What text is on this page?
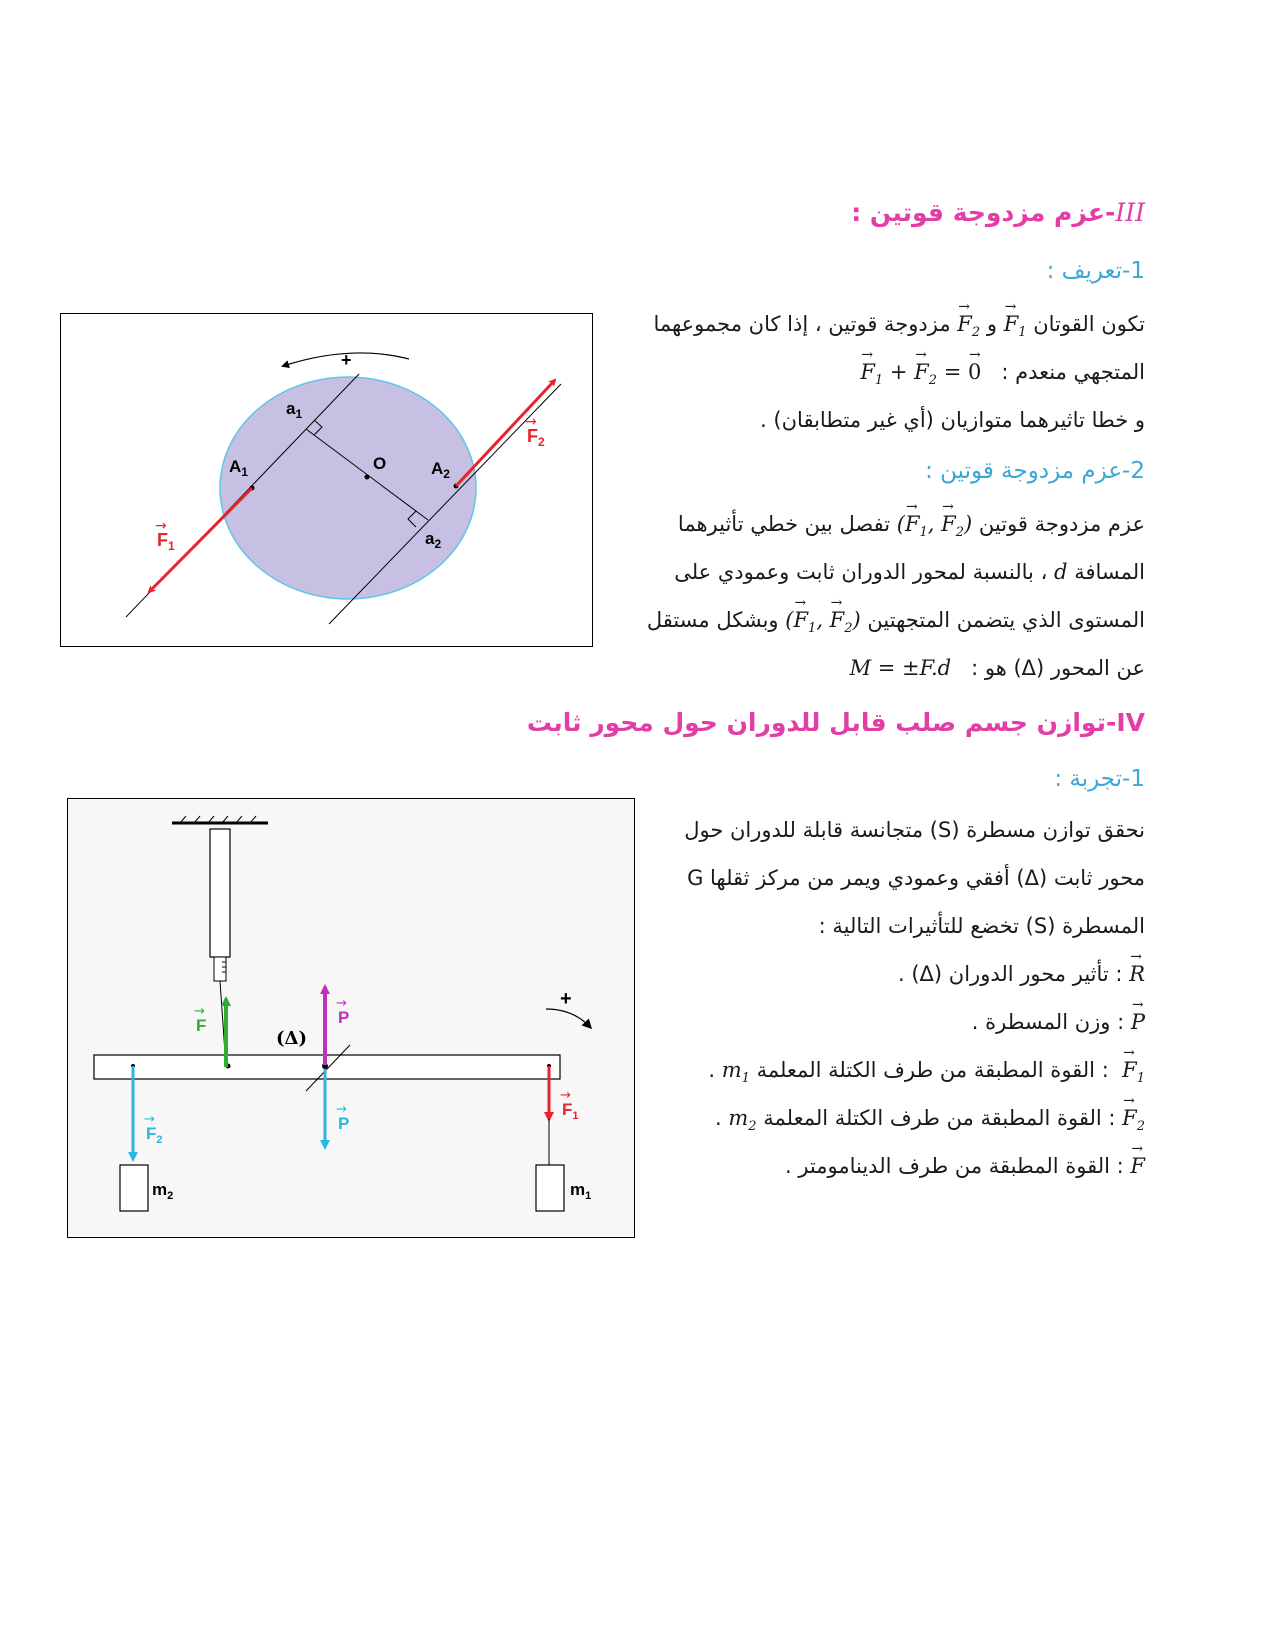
III-عزم مزدوجة قوتين :
1-تعريف :
تكون القوتان → $F_1$ و → $F_2$ مزدوجة قوتين ، إذا كان مجموعهما
المتجهي منعدم :   → $F_1$ + → $F_2$ = → 0
و خطا تاثيرهما متوازيان (أي غير متطابقان) .
2-عزم مزدوجة قوتين :
عزم مزدوجة قوتين (→ $F_1$, → $F_2$) تفصل بين خطي تأثيرهما
المسافة d ، بالنسبة لمحور الدوران ثابت وعمودي على
المستوى الذي يتضمن المتجهتين (→ $F_1$, → $F_2$) وبشكل مستقل
عن المحور (Δ) هو :   M = ±F.d
+
$a_1$
$A_1$	O	$A_2$
$a_2$
$F_1$
→
$F_2$
→
IV-توازن جسم صلب قابل للدوران حول محور ثابت
1-تجربة :
نحقق توازن مسطرة (S) متجانسة قابلة للدوران حول
محور ثابت (Δ) أفقي وعمودي ويمر من مركز ثقلها G
المسطرة (S) تخضع للتأثيرات التالية :
→ R : تأثير محور الدوران (Δ) .
→ P : وزن المسطرة .
→ $F_1$  : القوة المطبقة من طرف الكتلة المعلمة $m_1$ .
→ $F_2$ : القوة المطبقة من طرف الكتلة المعلمة $m_2$ .
→ F : القوة المطبقة من طرف الدينامومتر .
+
(Δ)
F
→	P
→
P
→
$F_2$
→
$F_1$
→
$m_2$	$m_1$
